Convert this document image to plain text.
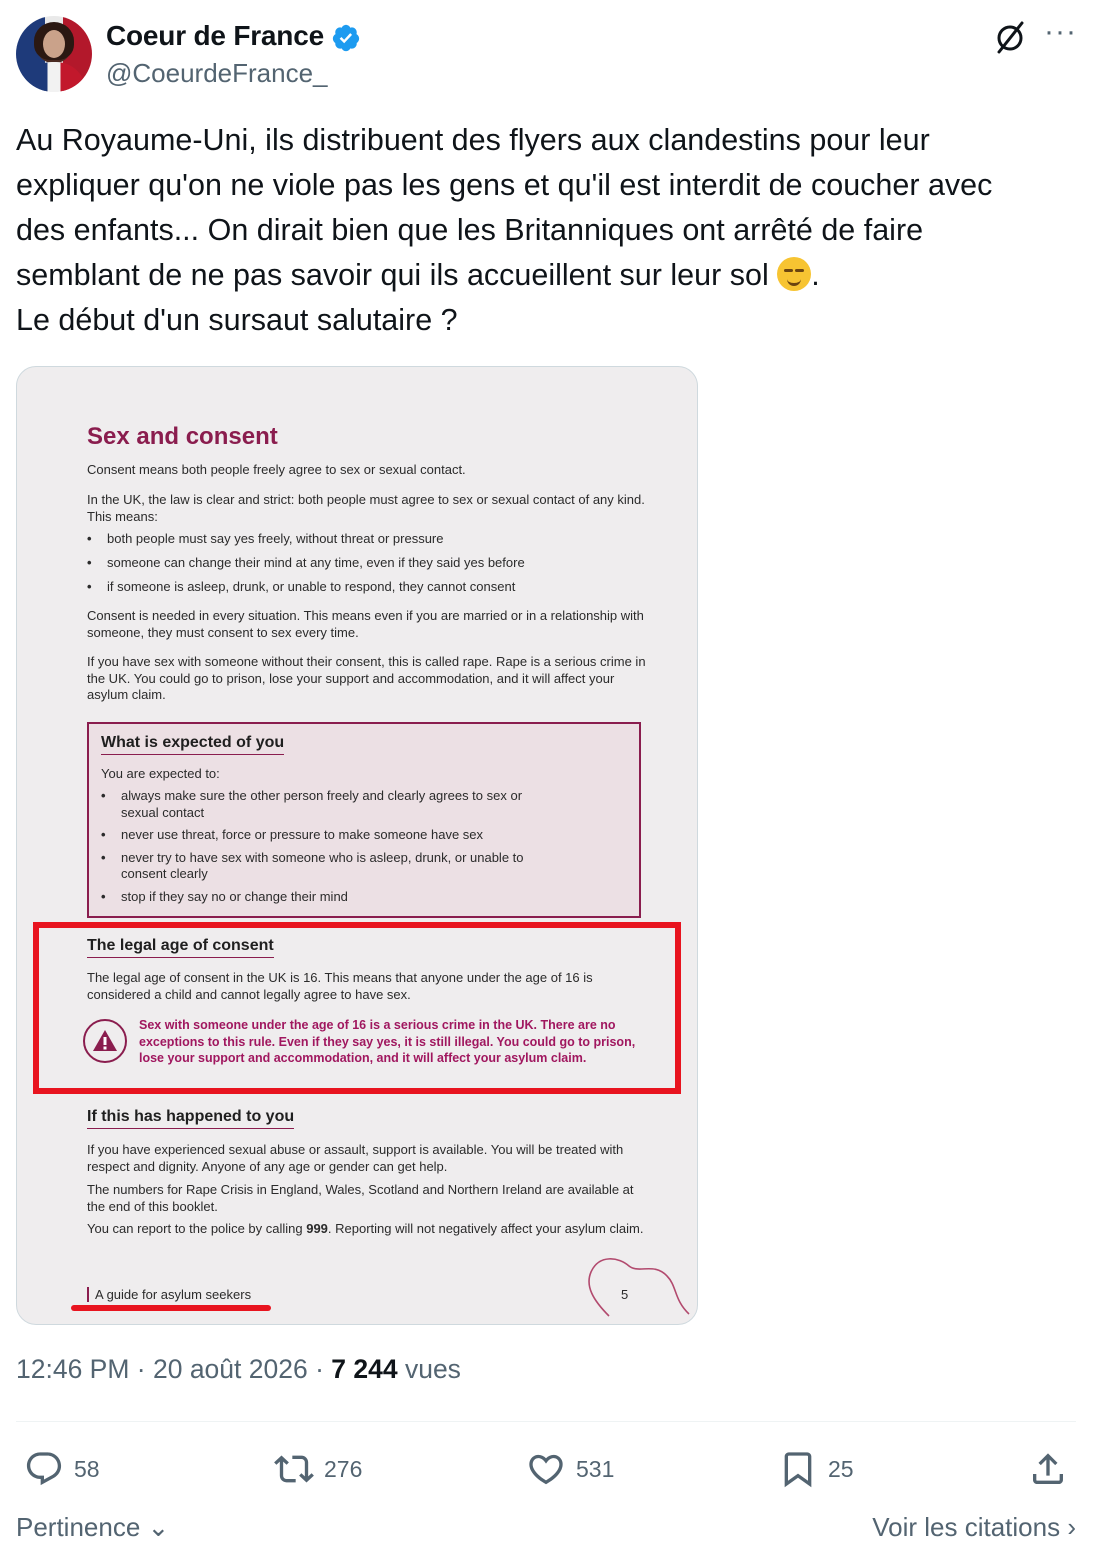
Coeur de France
@CoeurdeFrance_
···
Au Royaume-Uni, ils distribuent des flyers aux clandestins pour leur
expliquer qu'on ne viole pas les gens et qu'il est interdit de coucher avec
des enfants... On dirait bien que les Britanniques ont arrêté de faire
semblant de ne pas savoir qui ils accueillent sur leur sol .
Le début d'un sursaut salutaire ?
Sex and consent

Consent means both people freely agree to sex or sexual contact.

In the UK, the law is clear and strict: both people must agree to sex or sexual contact of any kind. This means:

• both people must say yes freely, without threat or pressure
• someone can change their mind at any time, even if they said yes before
• if someone is asleep, drunk, or unable to respond, they cannot consent

Consent is needed in every situation. This means even if you are married or in a relationship with someone, they must consent to sex every time.

If you have sex with someone without their consent, this is called rape. Rape is a serious crime in the UK. You could go to prison, lose your support and accommodation, and it will affect your asylum claim.

What is expected of you
You are expected to:
• always make sure the other person freely and clearly agrees to sex or sexual contact
• never use threat, force or pressure to make someone have sex
• never try to have sex with someone who is asleep, drunk, or unable to consent clearly
• stop if they say no or change their mind
The legal age of consent

The legal age of consent in the UK is 16. This means that anyone under the age of 16 is considered a child and cannot legally agree to have sex.

Sex with someone under the age of 16 is a serious crime in the UK. There are no exceptions to this rule. Even if they say yes, it is still illegal. You could go to prison, lose your support and accommodation, and it will affect your asylum claim.
If this has happened to you

If you have experienced sexual abuse or assault, support is available. You will be treated with respect and dignity. Anyone of any age or gender can get help.

The numbers for Rape Crisis in England, Wales, Scotland and Northern Ireland are available at the end of this booklet.

You can report to the police by calling 999. Reporting will not negatively affect your asylum claim.

A guide for asylum seekers	5
12:46 PM · 20 août 2026 · 7 244 vues
58	276	531	25
Pertinence ⌄	Voir les citations ›
